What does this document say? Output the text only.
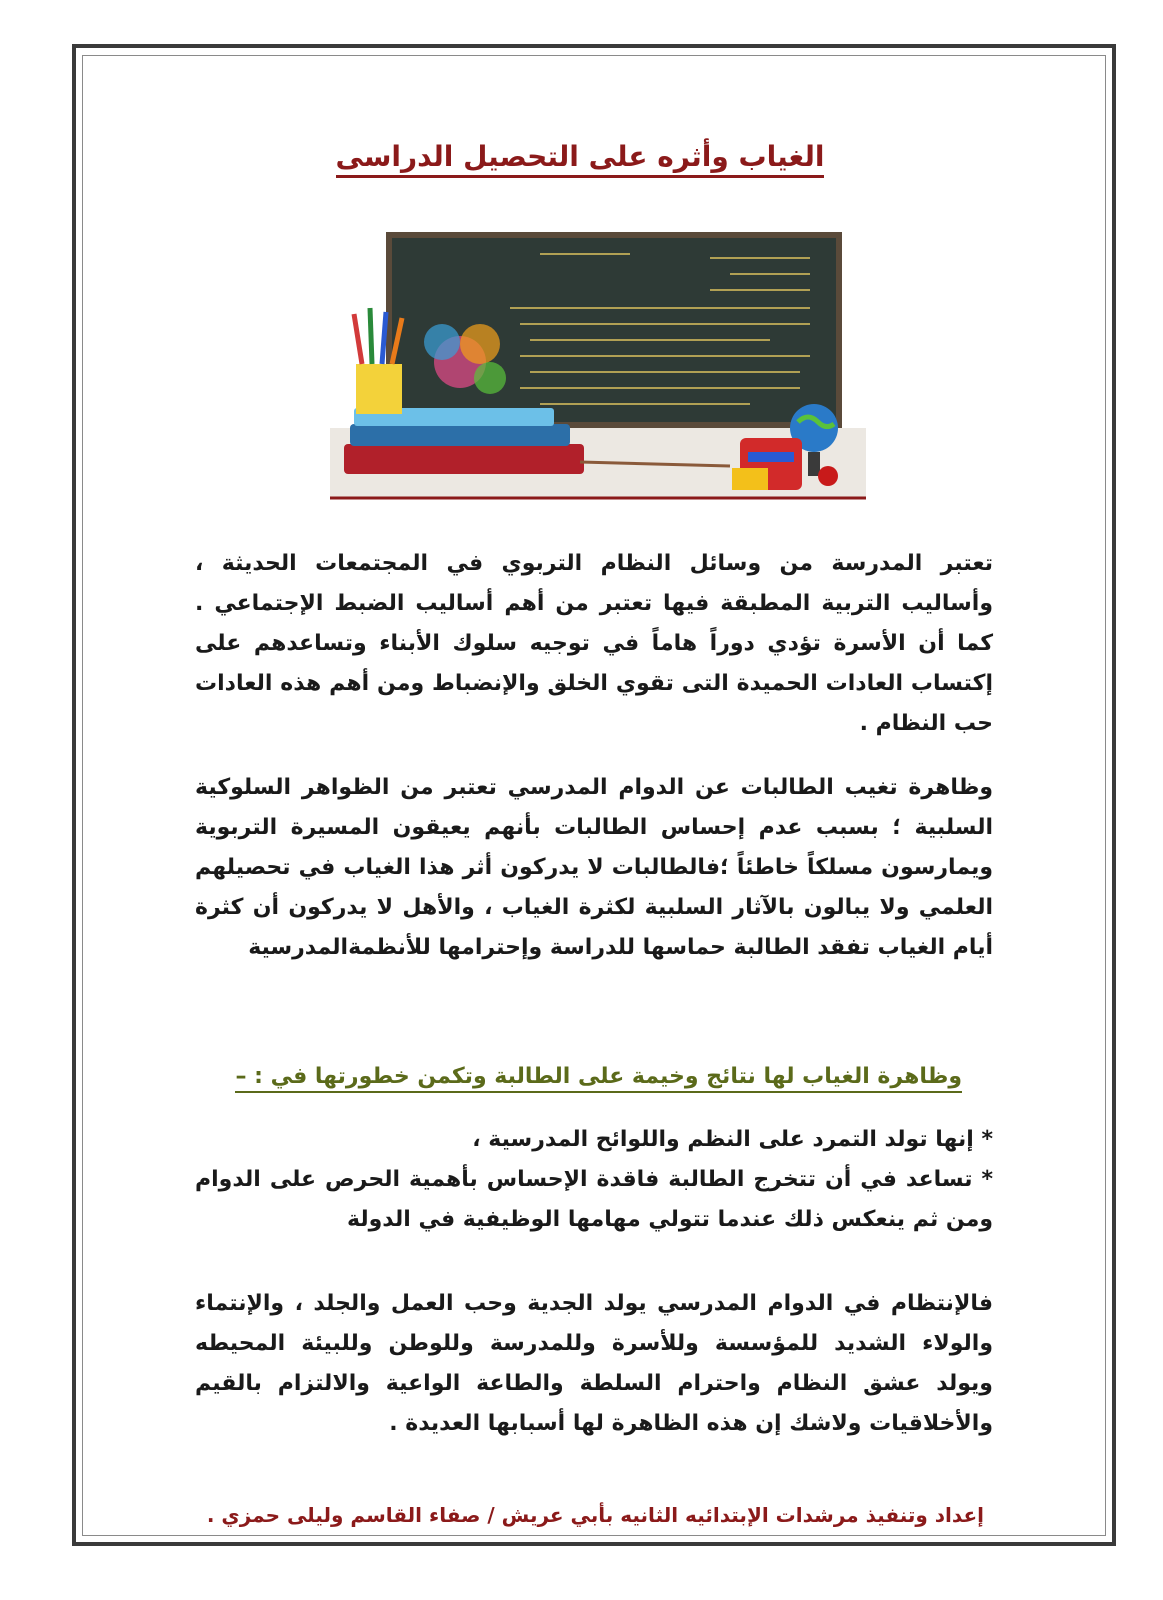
الغياب وأثره على التحصيل الدراسى
تعتبر المدرسة من وسائل النظام التربوي في المجتمعات الحديثة ، وأساليب التربية المطبقة فيها تعتبر من أهم أساليب الضبط الإجتماعي . كما أن الأسرة تؤدي دوراً هاماً في توجيه سلوك الأبناء وتساعدهم على إكتساب العادات الحميدة التى تقوي الخلق والإنضباط ومن أهم هذه العادات حب النظام .
وظاهرة تغيب الطالبات عن الدوام المدرسي تعتبر من الظواهر السلوكية السلبية ؛ بسبب عدم إحساس الطالبات بأنهم يعيقون المسيرة التربوية ويمارسون مسلكاً خاطئاً ؛فالطالبات لا يدركون أثر هذا الغياب في تحصيلهم العلمي ولا يبالون بالآثار السلبية لكثرة الغياب ، والأهل لا يدركون أن كثرة أيام الغياب تفقد الطالبة حماسها للدراسة وإحترامها للأنظمةالمدرسية
وظاهرة الغياب لها نتائج وخيمة على الطالبة وتكمن خطورتها في : –
* إنها تولد التمرد على النظم واللوائح المدرسية ،
* تساعد في أن تتخرج الطالبة فاقدة الإحساس بأهمية الحرص على الدوام ومن ثم ينعكس ذلك عندما تتولي مهامها الوظيفية في الدولة
فالإنتظام في الدوام المدرسي يولد الجدية وحب العمل والجلد ، والإنتماء والولاء الشديد للمؤسسة وللأسرة وللمدرسة وللوطن وللبيئة المحيطه ويولد عشق النظام واحترام السلطة والطاعة الواعية والالتزام بالقيم والأخلاقيات ولاشك إن هذه الظاهرة لها أسبابها العديدة .
إعداد وتنفيذ مرشدات الإبتدائيه الثانيه بأبي عريش / صفاء القاسم وليلى حمزي .
